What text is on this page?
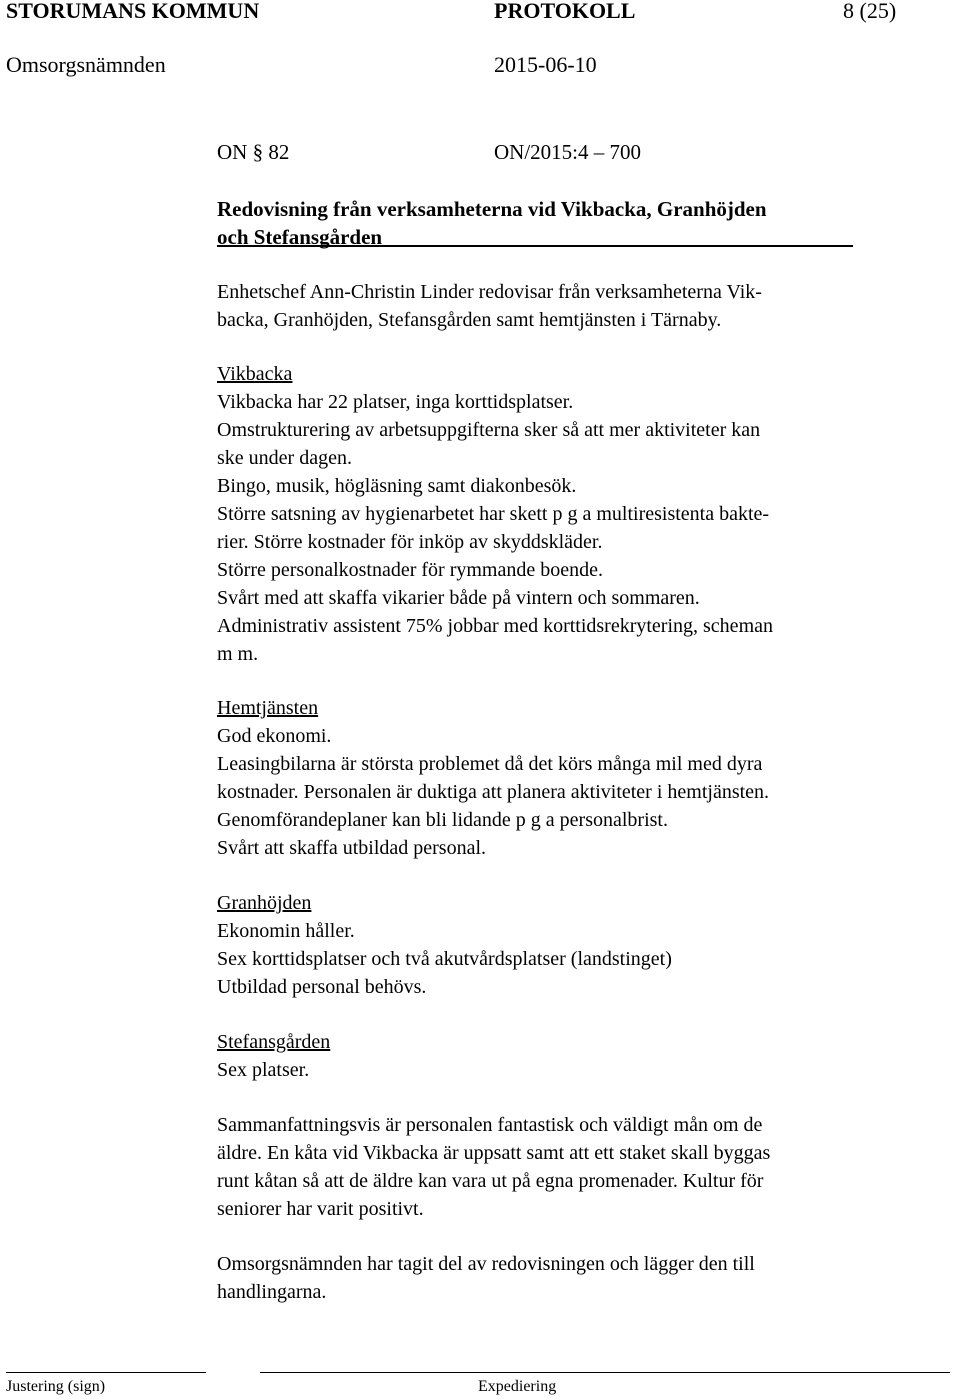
STORUMANS KOMMUN	PROTOKOLL	8 (25)
Omsorgsnämnden	2015-06-10
ON § 82	ON/2015:4 – 700
Redovisning från verksamheterna vid Vikbacka, Granhöjden
och Stefansgården
Enhetschef Ann-Christin Linder redovisar från verksamheterna Vik-
backa, Granhöjden, Stefansgården samt hemtjänsten i Tärnaby.
Vikbacka
Vikbacka har 22 platser, inga korttidsplatser.
Omstrukturering av arbetsuppgifterna sker så att mer aktiviteter kan
ske under dagen.
Bingo, musik, högläsning samt diakonbesök.
Större satsning av hygienarbetet har skett p g a multiresistenta bakte-
rier. Större kostnader för inköp av skyddskläder.
Större personalkostnader för rymmande boende.
Svårt med att skaffa vikarier både på vintern och sommaren.
Administrativ assistent 75% jobbar med korttidsrekrytering, scheman
m m.
Hemtjänsten
God ekonomi.
Leasingbilarna är största problemet då det körs många mil med dyra
kostnader. Personalen är duktiga att planera aktiviteter i hemtjänsten.
Genomförandeplaner kan bli lidande p g a personalbrist.
Svårt att skaffa utbildad personal.
Granhöjden
Ekonomin håller.
Sex korttidsplatser och två akutvårdsplatser (landstinget)
Utbildad personal behövs.
Stefansgården
Sex platser.
Sammanfattningsvis är personalen fantastisk och väldigt mån om de
äldre. En kåta vid Vikbacka är uppsatt samt att ett staket skall byggas
runt kåtan så att de äldre kan vara ut på egna promenader. Kultur för
seniorer har varit positivt.
Omsorgsnämnden har tagit del av redovisningen och lägger den till
handlingarna.
Justering (sign)	Expediering
